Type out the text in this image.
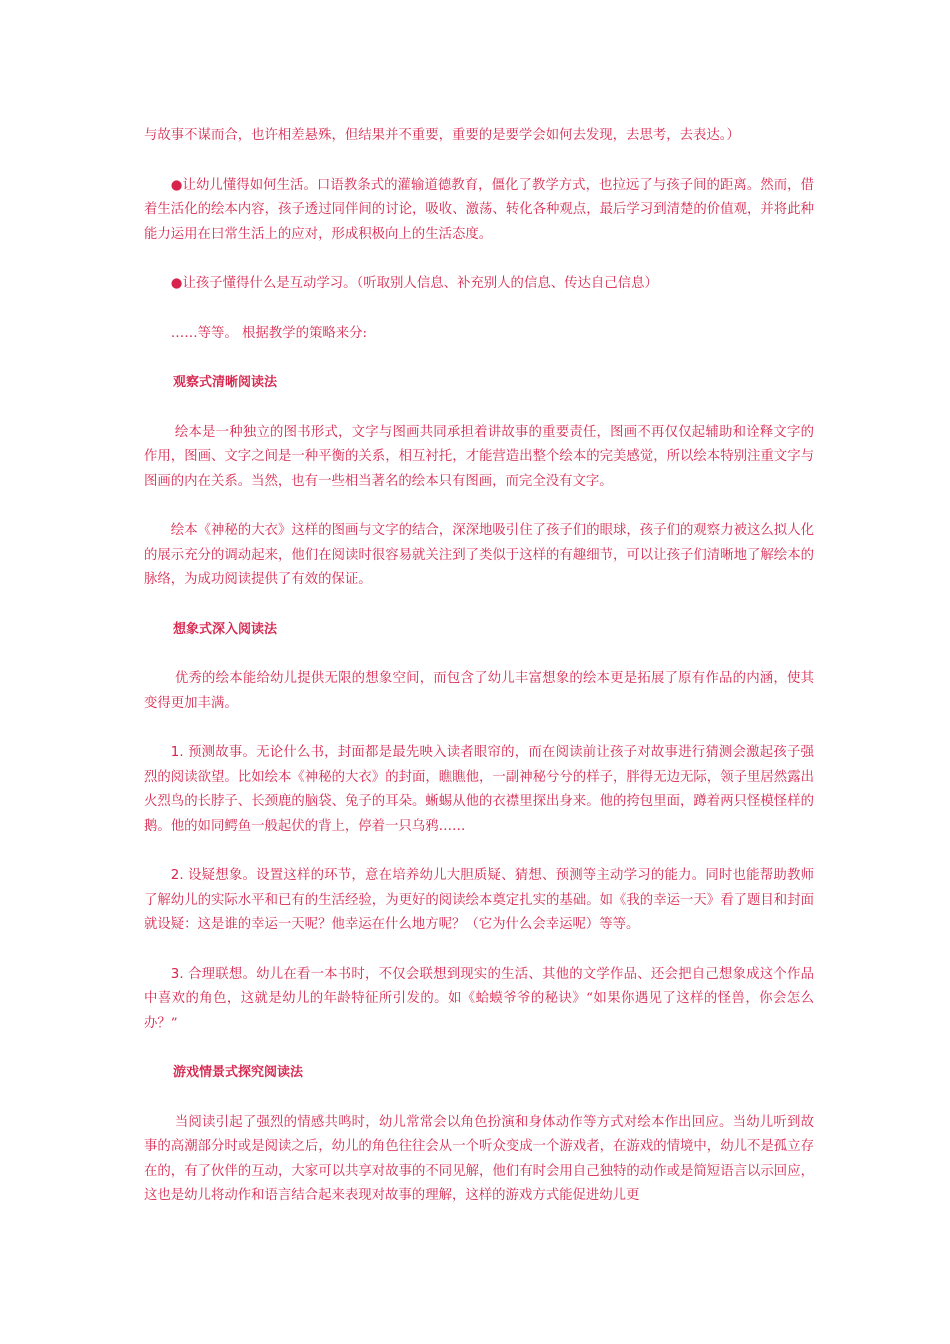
与故事不谋而合，也许相差悬殊，但结果并不重要，重要的是要学会如何去发现，去思考，去表达。）

●让幼儿懂得如何生活。口语教条式的灌输道德教育，僵化了教学方式，也拉远了与孩子间的距离。然而，借着生活化的绘本内容，孩子透过同伴间的讨论，吸收、激荡、转化各种观点，最后学习到清楚的价值观，并将此种能力运用在曰常生活上的应对，形成积极向上的生活态度。

●让孩子懂得什么是互动学习。（听取别人信息、补充别人的信息、传达自己信息）

……等等。 根据教学的策略来分:

观察式清晰阅读法

绘本是一种独立的图书形式，文字与图画共同承担着讲故事的重要责任，图画不再仅仅起辅助和诠释文字的作用，图画、文字之间是一种平衡的关系，相互衬托，才能营造出整个绘本的完美感觉，所以绘本特别注重文字与图画的内在关系。当然，也有一些相当著名的绘本只有图画，而完全没有文字。

绘本《神秘的大衣》这样的图画与文字的结合，深深地吸引住了孩子们的眼球，孩子们的观察力被这么拟人化的展示充分的调动起来，他们在阅读时很容易就关注到了类似于这样的有趣细节，可以让孩子们清晰地了解绘本的脉络，为成功阅读提供了有效的保证。

想象式深入阅读法

优秀的绘本能给幼儿提供无限的想象空间，而包含了幼儿丰富想象的绘本更是拓展了原有作品的内涵，使其变得更加丰满。

1. 预测故事。无论什么书，封面都是最先映入读者眼帘的，而在阅读前让孩子对故事进行猜测会激起孩子强烈的阅读欲望。比如绘本《神秘的大衣》的封面，瞧瞧他，一副神秘兮兮的样子，胖得无边无际，领子里居然露出火烈鸟的长脖子、长颈鹿的脑袋、兔子的耳朵。蜥蜴从他的衣襟里探出身来。他的挎包里面，蹲着两只怪模怪样的鹅。他的如同鳄鱼一般起伏的背上，停着一只乌鸦……

2. 设疑想象。设置这样的环节，意在培养幼儿大胆质疑、猜想、预测等主动学习的能力。同时也能帮助教师了解幼儿的实际水平和已有的生活经验，为更好的阅读绘本奠定扎实的基础。如《我的幸运一天》看了题目和封面就设疑：这是谁的幸运一天呢？他幸运在什么地方呢？（它为什么会幸运呢）等等。

3. 合理联想。幼儿在看一本书时，不仅会联想到现实的生活、其他的文学作品、还会把自己想象成这个作品中喜欢的角色，这就是幼儿的年龄特征所引发的。如《蛤蟆爷爷的秘诀》“如果你遇见了这样的怪兽，你会怎么办？”

游戏情景式探究阅读法

当阅读引起了强烈的情感共鸣时，幼儿常常会以角色扮演和身体动作等方式对绘本作出回应。当幼儿听到故事的高潮部分时或是阅读之后，幼儿的角色往往会从一个听众变成一个游戏者，在游戏的情境中，幼儿不是孤立存在的，有了伙伴的互动，大家可以共享对故事的不同见解，他们有时会用自己独特的动作或是简短语言以示回应，这也是幼儿将动作和语言结合起来表现对故事的理解，这样的游戏方式能促进幼儿更
